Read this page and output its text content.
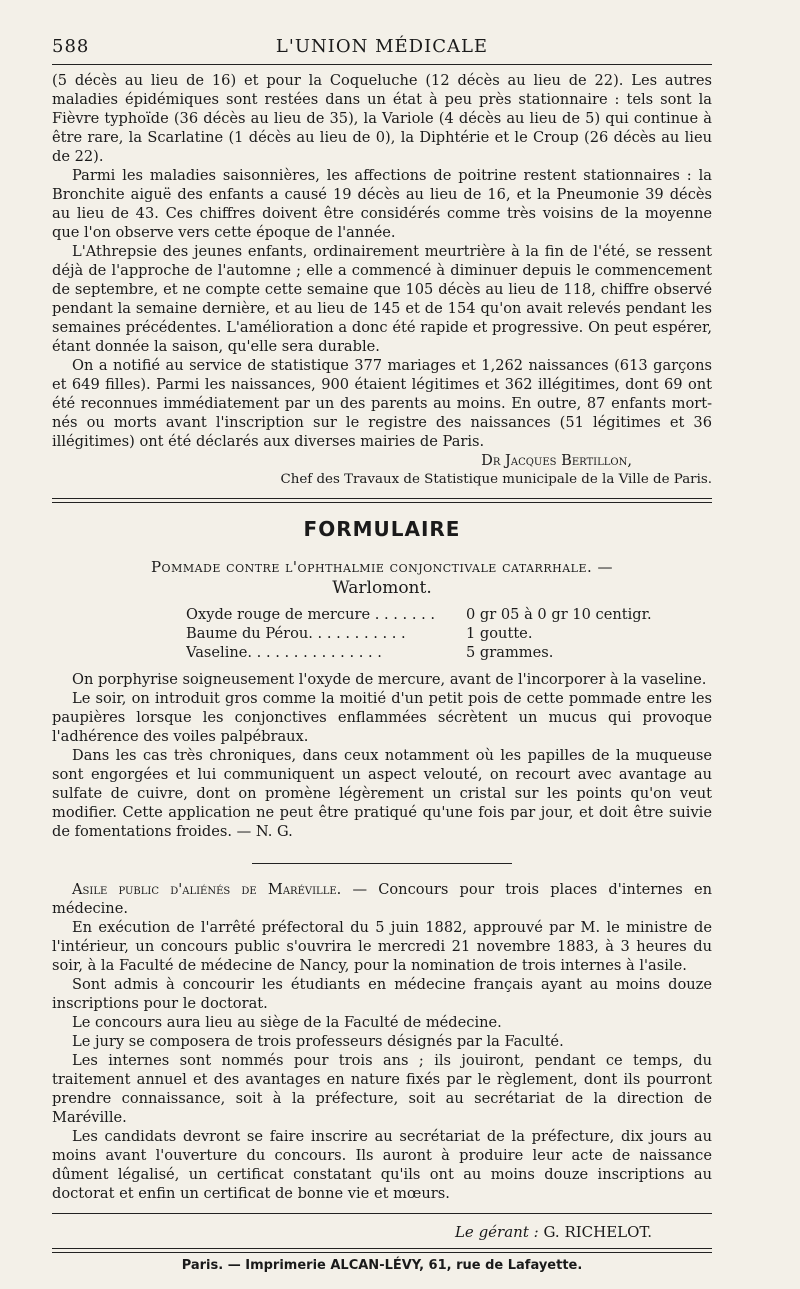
588	L'UNION MÉDICALE

(5 décès au lieu de 16) et pour la Coqueluche (12 décès au lieu de 22). Les autres maladies épidémiques sont restées dans un état à peu près stationnaire : tels sont la Fièvre typhoïde (36 décès au lieu de 35), la Variole (4 décès au lieu de 5) qui continue à être rare, la Scarlatine (1 décès au lieu de 0), la Diphtérie et le Croup (26 décès au lieu de 22).

Parmi les maladies saisonnières, les affections de poitrine restent stationnaires : la Bronchite aiguë des enfants a causé 19 décès au lieu de 16, et la Pneumonie 39 décès au lieu de 43. Ces chiffres doivent être considérés comme très voisins de la moyenne que l'on observe vers cette époque de l'année.

L'Athrepsie des jeunes enfants, ordinairement meurtrière à la fin de l'été, se ressent déjà de l'approche de l'automne ; elle a commencé à diminuer depuis le commencement de septembre, et ne compte cette semaine que 105 décès au lieu de 118, chiffre observé pendant la semaine dernière, et au lieu de 145 et de 154 qu'on avait relevés pendant les semaines précédentes. L'amélioration a donc été rapide et progressive. On peut espérer, étant donnée la saison, qu'elle sera durable.

On a notifié au service de statistique 377 mariages et 1,262 naissances (613 garçons et 649 filles). Parmi les naissances, 900 étaient légitimes et 362 illégitimes, dont 69 ont été reconnues immédiatement par un des parents au moins. En outre, 87 enfants mort-nés ou morts avant l'inscription sur le registre des naissances (51 légitimes et 36 illégitimes) ont été déclarés aux diverses mairies de Paris.

Dr Jacques Bertillon,
Chef des Travaux de Statistique municipale de la Ville de Paris.
FORMULAIRE
Pommade contre l'ophthalmie conjonctivale catarrhale. —
Warlomont.
Oxyde rouge de mercure . . . . . . .	0 gr 05 à 0 gr 10 centigr.
Baume du Pérou. . . . . . . . . . .	1 goutte.
Vaseline. . . . . . . . . . . . . . .	5 grammes.

On porphyrise soigneusement l'oxyde de mercure, avant de l'incorporer à la vaseline.

Le soir, on introduit gros comme la moitié d'un petit pois de cette pommade entre les paupières lorsque les conjonctives enflammées sécrètent un mucus qui provoque l'adhérence des voiles palpébraux.

Dans les cas très chroniques, dans ceux notamment où les papilles de la muqueuse sont engorgées et lui communiquent un aspect velouté, on recourt avec avantage au sulfate de cuivre, dont on promène légèrement un cristal sur les points qu'on veut modifier. Cette application ne peut être pratiqué qu'une fois par jour, et doit être suivie de fomentations froides. — N. G.

Asile public d'aliénés de Maréville. — Concours pour trois places d'internes en médecine.

En exécution de l'arrêté préfectoral du 5 juin 1882, approuvé par M. le ministre de l'intérieur, un concours public s'ouvrira le mercredi 21 novembre 1883, à 3 heures du soir, à la Faculté de médecine de Nancy, pour la nomination de trois internes à l'asile.

Sont admis à concourir les étudiants en médecine français ayant au moins douze inscriptions pour le doctorat.

Le concours aura lieu au siège de la Faculté de médecine.

Le jury se composera de trois professeurs désignés par la Faculté.

Les internes sont nommés pour trois ans ; ils jouiront, pendant ce temps, du traitement annuel et des avantages en nature fixés par le règlement, dont ils pourront prendre connaissance, soit à la préfecture, soit au secrétariat de la direction de Maréville.

Les candidats devront se faire inscrire au secrétariat de la préfecture, dix jours au moins avant l'ouverture du concours. Ils auront à produire leur acte de naissance dûment légalisé, un certificat constatant qu'ils ont au moins douze inscriptions au doctorat et enfin un certificat de bonne vie et mœurs.

Le gérant : G. RICHELOT.
Paris. — Imprimerie ALCAN-LÉVY, 61, rue de Lafayette.
